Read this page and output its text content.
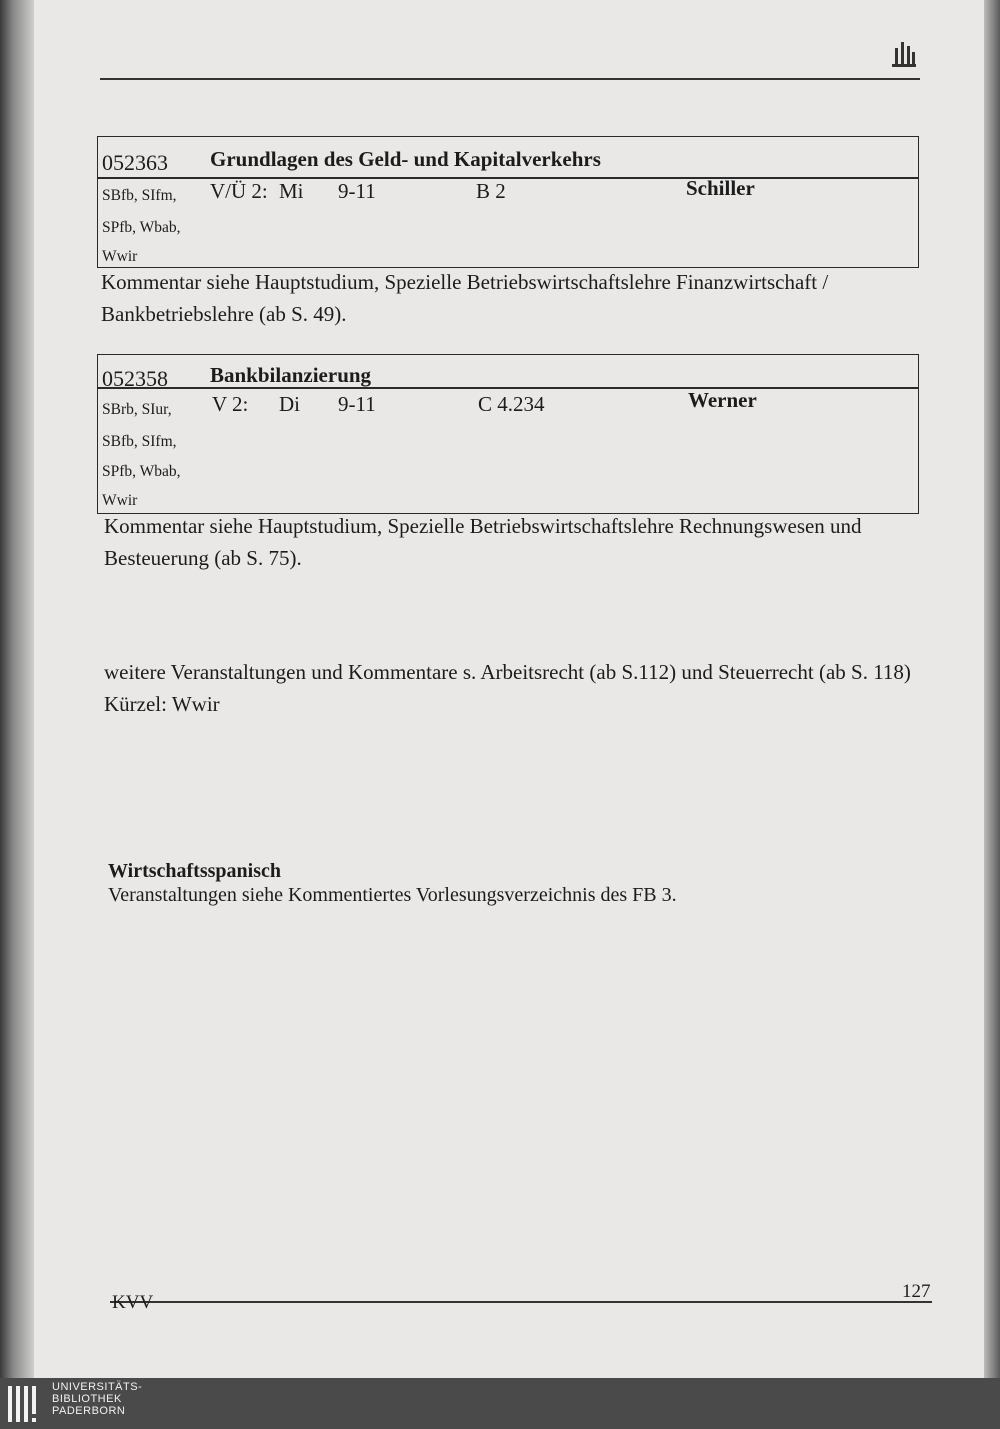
052363 Grundlagen des Geld- und Kapitalverkehrs
SBfb, SIfm,
SPfb, Wbab,
Wwir
V/Ü 2: Mi 9-11	B 2	Schiller
Kommentar siehe Hauptstudium, Spezielle Betriebswirtschaftslehre Finanzwirtschaft / Bankbetriebslehre (ab S. 49).
052358 Bankbilanzierung
SBrb, SIur,
SBfb, SIfm,
SPfb, Wbab,
Wwir
V 2: Di 9-11	C 4.234	Werner
Kommentar siehe Hauptstudium, Spezielle Betriebswirtschaftslehre Rechnungswesen und Besteuerung (ab S. 75).
weitere Veranstaltungen und Kommentare s. Arbeitsrecht (ab S.112) und Steuerrecht (ab S. 118) Kürzel: Wwir
Wirtschaftsspanisch
Veranstaltungen siehe Kommentiertes Vorlesungsverzeichnis des FB 3.
KVV
127
UNIVERSITÄTS-
BIBLIOTHEK
PADERBORN
